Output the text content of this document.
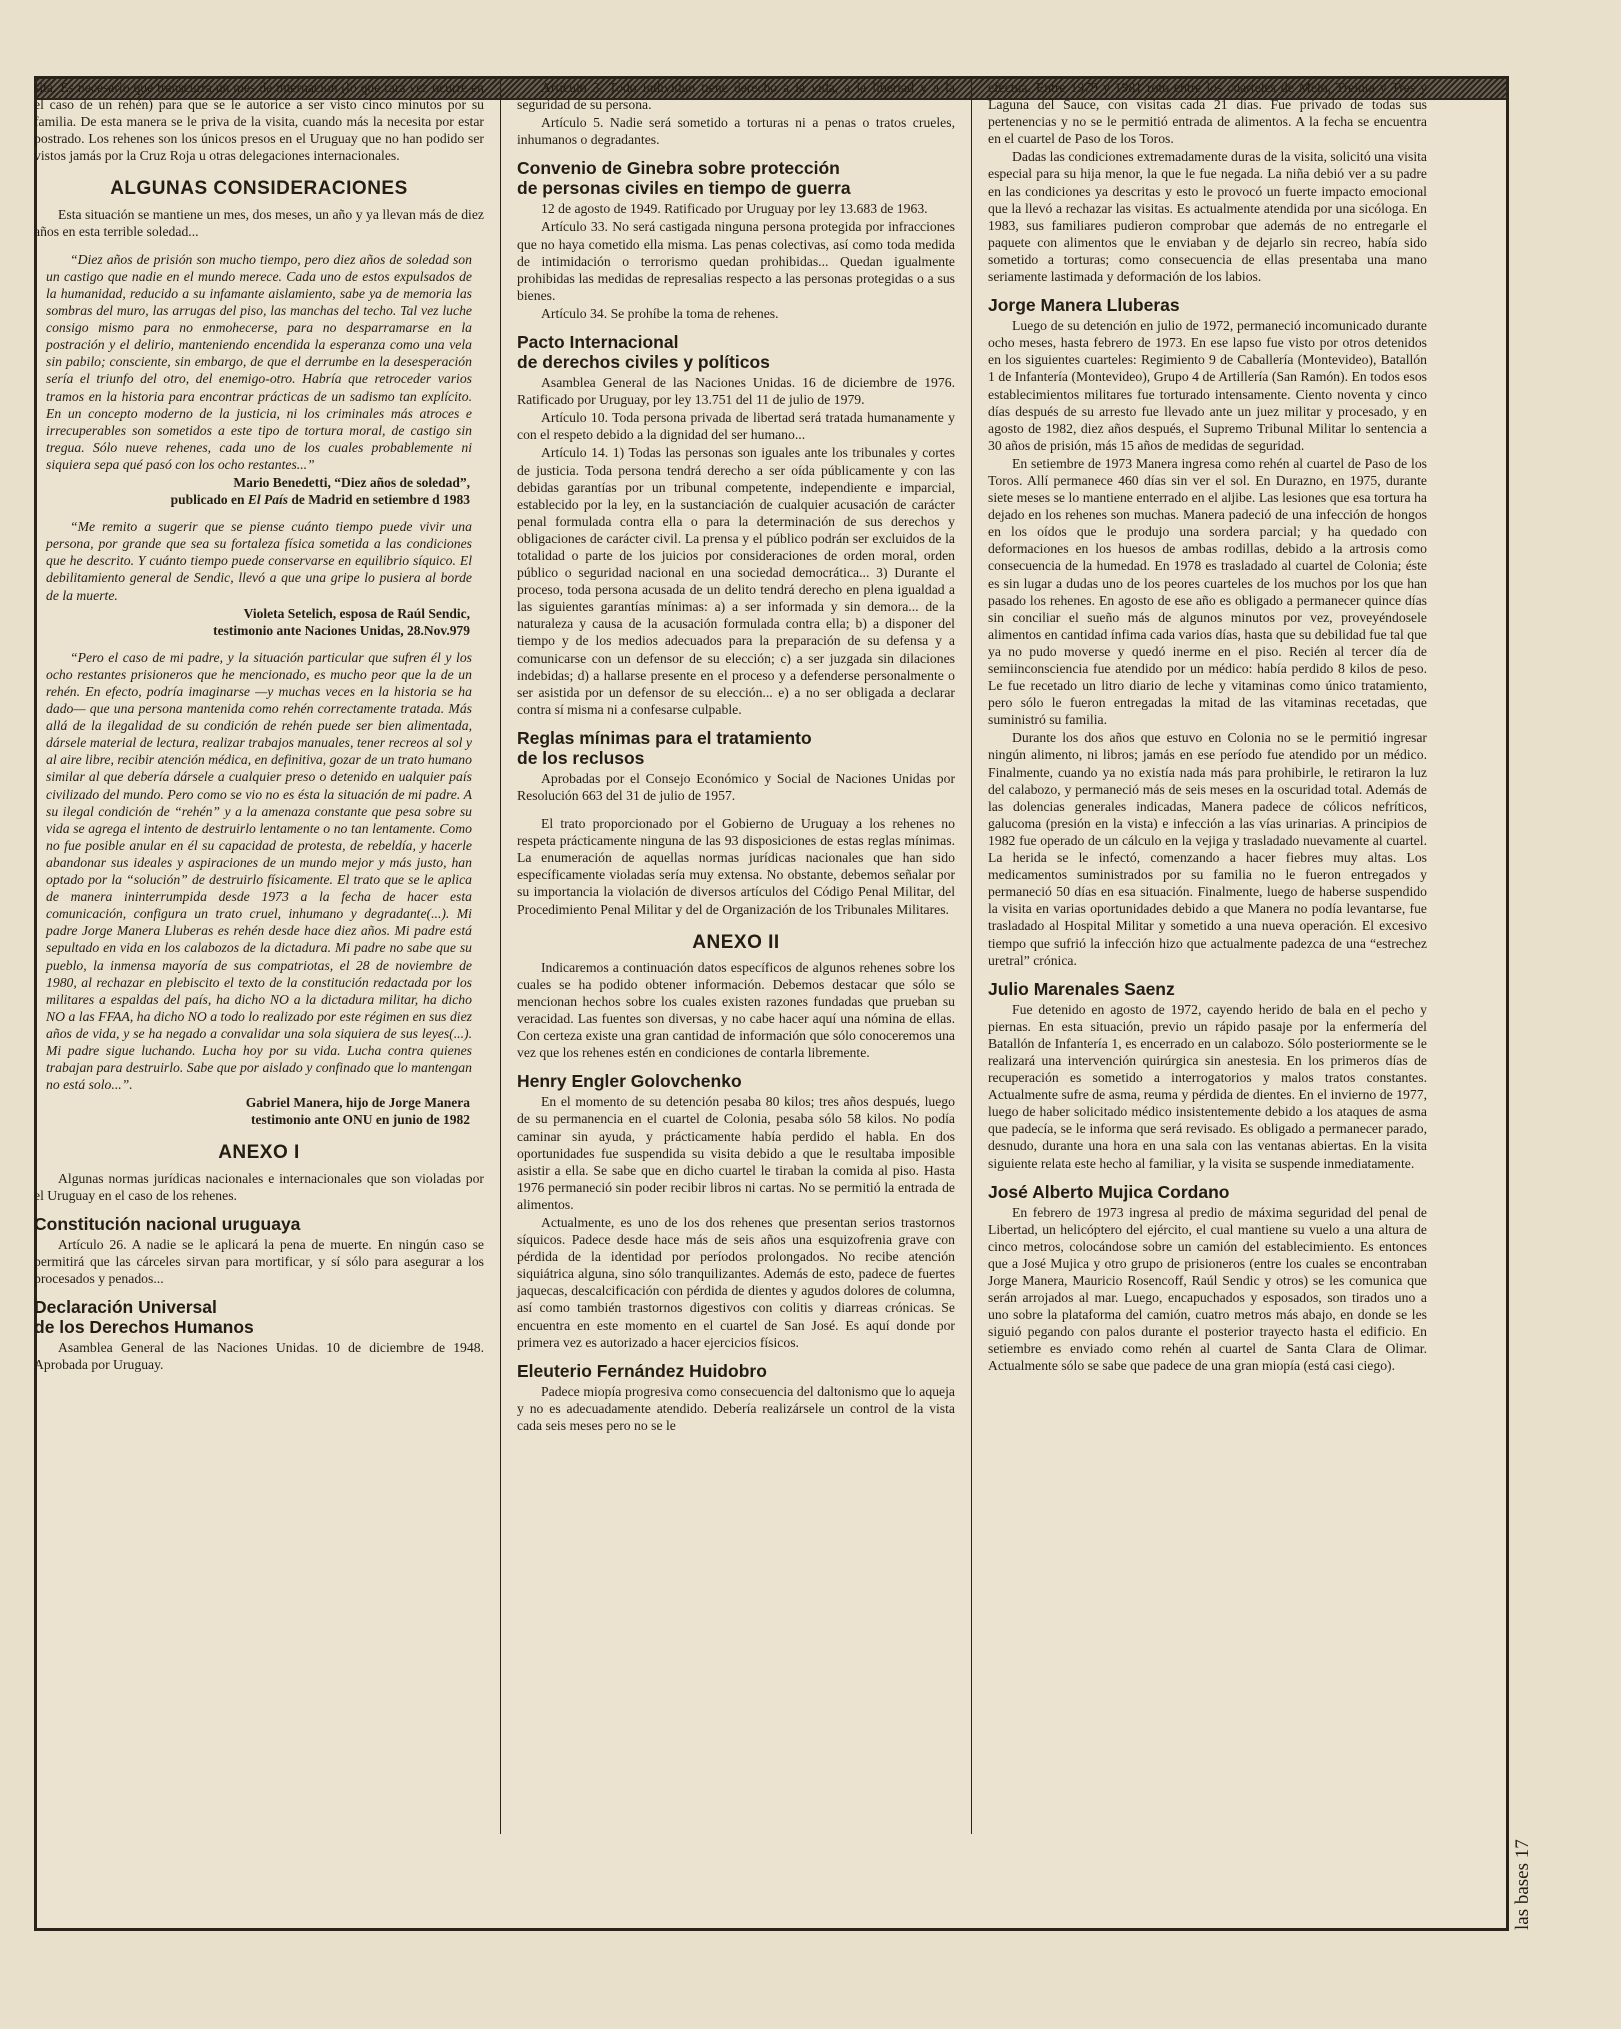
sita. Es necesario que transcurra un mes de internación (lo que rara vez ocurre en el caso de un rehén) para que se le autorice a ser visto cinco minutos por su familia. De esta manera se le priva de la visita, cuando más la necesita por estar postrado. Los rehenes son los únicos presos en el Uruguay que no han podido ser vistos jamás por la Cruz Roja u otras delegaciones internacionales.

ALGUNAS CONSIDERACIONES

Esta situación se mantiene un mes, dos meses, un año y ya llevan más de diez años en esta terrible soledad...

“Diez años de prisión son mucho tiempo, pero diez años de soledad son un castigo que nadie en el mundo merece. Cada uno de estos expulsados de la humanidad, reducido a su infamante aislamiento, sabe ya de memoria las sombras del muro, las arrugas del piso, las manchas del techo. Tal vez luche consigo mismo para no enmohecerse, para no desparramarse en la postración y el delirio, manteniendo encendida la esperanza como una vela sin pabilo; consciente, sin embargo, de que el derrumbe en la desesperación sería el triunfo del otro, del enemigo-otro. Habría que retroceder varios tramos en la historia para encontrar prácticas de un sadismo tan explícito. En un concepto moderno de la justicia, ni los criminales más atroces e irrecuperables son sometidos a este tipo de tortura moral, de castigo sin tregua. Sólo nueve rehenes, cada uno de los cuales probablemente ni siquiera sepa qué pasó con los ocho restantes...”

Mario Benedetti, “Diez años de soledad”,
publicado en El País de Madrid en setiembre d 1983

“Me remito a sugerir que se piense cuánto tiempo puede vivir una persona, por grande que sea su fortaleza física sometida a las condiciones que he descrito. Y cuánto tiempo puede conservarse en equilibrio síquico. El debilitamiento general de Sendic, llevó a que una gripe lo pusiera al borde de la muerte.

Violeta Setelich, esposa de Raúl Sendic,
testimonio ante Naciones Unidas, 28.Nov.979

“Pero el caso de mi padre, y la situación particular que sufren él y los ocho restantes prisioneros que he mencionado, es mucho peor que la de un rehén. En efecto, podría imaginarse —y muchas veces en la historia se ha dado— que una persona mantenida como rehén correctamente tratada. Más allá de la ilegalidad de su condición de rehén puede ser bien alimentada, dársele material de lectura, realizar trabajos manuales, tener recreos al sol y al aire libre, recibir atención médica, en definitiva, gozar de un trato humano similar al que debería dársele a cualquier preso o detenido en ualquier país civilizado del mundo. Pero como se vio no es ésta la situación de mi padre. A su ilegal condición de “rehén” y a la amenaza constante que pesa sobre su vida se agrega el intento de destruirlo lentamente o no tan lentamente. Como no fue posible anular en él su capacidad de protesta, de rebeldía, y hacerle abandonar sus ideales y aspiraciones de un mundo mejor y más justo, han optado por la “solución” de destruirlo físicamente. El trato que se le aplica de manera ininterrumpida desde 1973 a la fecha de hacer esta comunicación, configura un trato cruel, inhumano y degradante(...). Mi padre Jorge Manera Lluberas es rehén desde hace diez años. Mi padre está sepultado en vida en los calabozos de la dictadura. Mi padre no sabe que su pueblo, la inmensa mayoría de sus compatriotas, el 28 de noviembre de 1980, al rechazar en plebiscito el texto de la constitución redactada por los militares a espaldas del país, ha dicho NO a la dictadura militar, ha dicho NO a las FFAA, ha dicho NO a todo lo realizado por este régimen en sus diez años de vida, y se ha negado a convalidar una sola siquiera de sus leyes(...). Mi padre sigue luchando. Lucha hoy por su vida. Lucha contra quienes trabajan para destruirlo. Sabe que por aislado y confinado que lo mantengan no está solo...”.

Gabriel Manera, hijo de Jorge Manera
testimonio ante ONU en junio de 1982

ANEXO I

Algunas normas jurídicas nacionales e internacionales que son violadas por el Uruguay en el caso de los rehenes.

Constitución nacional uruguaya

Artículo 26. A nadie se le aplicará la pena de muerte. En ningún caso se permitirá que las cárceles sirvan para mortificar, y sí sólo para asegurar a los procesados y penados...

Declaración Universal
de los Derechos Humanos

Asamblea General de las Naciones Unidas. 10 de diciembre de 1948. Aprobada por Uruguay.

Artículo 3. Todo individuo tiene derecho a la vida, a la libertad y a la seguridad de su persona.

Artículo 5. Nadie será sometido a torturas ni a penas o tratos crueles, inhumanos o degradantes.

Convenio de Ginebra sobre protección
de personas civiles en tiempo de guerra

12 de agosto de 1949. Ratificado por Uruguay por ley 13.683 de 1963.

Artículo 33. No será castigada ninguna persona protegida por infracciones que no haya cometido ella misma. Las penas colectivas, así como toda medida de intimidación o terrorismo quedan prohibidas... Quedan igualmente prohibidas las medidas de represalias respecto a las personas protegidas o a sus bienes.

Artículo 34. Se prohíbe la toma de rehenes.

Pacto Internacional
de derechos civiles y políticos

Asamblea General de las Naciones Unidas. 16 de diciembre de 1976. Ratificado por Uruguay, por ley 13.751 del 11 de julio de 1979.

Artículo 10. Toda persona privada de libertad será tratada humanamente y con el respeto debido a la dignidad del ser humano...

Artículo 14. 1) Todas las personas son iguales ante los tribunales y cortes de justicia. Toda persona tendrá derecho a ser oída públicamente y con las debidas garantías por un tribunal competente, independiente e imparcial, establecido por la ley, en la sustanciación de cualquier acusación de carácter penal formulada contra ella o para la determinación de sus derechos y obligaciones de carácter civil. La prensa y el público podrán ser excluidos de la totalidad o parte de los juicios por consideraciones de orden moral, orden público o seguridad nacional en una sociedad democrática... 3) Durante el proceso, toda persona acusada de un delito tendrá derecho en plena igualdad a las siguientes garantías mínimas: a) a ser informada y sin demora... de la naturaleza y causa de la acusación formulada contra ella; b) a disponer del tiempo y de los medios adecuados para la preparación de su defensa y a comunicarse con un defensor de su elección; c) a ser juzgada sin dilaciones indebidas; d) a hallarse presente en el proceso y a defenderse personalmente o ser asistida por un defensor de su elección... e) a no ser obligada a declarar contra sí misma ni a confesarse culpable.

Reglas mínimas para el tratamiento
de los reclusos

Aprobadas por el Consejo Económico y Social de Naciones Unidas por Resolución 663 del 31 de julio de 1957.

El trato proporcionado por el Gobierno de Uruguay a los rehenes no respeta prácticamente ninguna de las 93 disposiciones de estas reglas mínimas. La enumeración de aquellas normas jurídicas nacionales que han sido específicamente violadas sería muy extensa. No obstante, debemos señalar por su importancia la violación de diversos artículos del Código Penal Militar, del Procedimiento Penal Militar y del de Organización de los Tribunales Militares.

ANEXO II

Indicaremos a continuación datos específicos de algunos rehenes sobre los cuales se ha podido obtener información. Debemos destacar que sólo se mencionan hechos sobre los cuales existen razones fundadas que prueban su veracidad. Las fuentes son diversas, y no cabe hacer aquí una nómina de ellas. Con certeza existe una gran cantidad de información que sólo conoceremos una vez que los rehenes estén en condiciones de contarla libremente.

Henry Engler Golovchenko

En el momento de su detención pesaba 80 kilos; tres años después, luego de su permanencia en el cuartel de Colonia, pesaba sólo 58 kilos. No podía caminar sin ayuda, y prácticamente había perdido el habla. En dos oportunidades fue suspendida su visita debido a que le resultaba imposible asistir a ella. Se sabe que en dicho cuartel le tiraban la comida al piso. Hasta 1976 permaneció sin poder recibir libros ni cartas. No se permitió la entrada de alimentos.

Actualmente, es uno de los dos rehenes que presentan serios trastornos síquicos. Padece desde hace más de seis años una esquizofrenia grave con pérdida de la identidad por períodos prolongados. No recibe atención siquiátrica alguna, sino sólo tranquilizantes. Además de esto, padece de fuertes jaquecas, descalcificación con pérdida de dientes y agudos dolores de columna, así como también trastornos digestivos con colitis y diarreas crónicas. Se encuentra en este momento en el cuartel de San José. Es aquí donde por primera vez es autorizado a hacer ejercicios físicos.

Eleuterio Fernández Huidobro

Padece miopía progresiva como consecuencia del daltonismo que lo aqueja y no es adecuadamente atendido. Debería realizársele un control de la vista cada seis meses pero no se le

efectúa. Entre 1979 y 1981 rotó entre los cuarteles de Melo, Treinta y Tres y Laguna del Sauce, con visitas cada 21 días. Fue privado de todas sus pertenencias y no se le permitió entrada de alimentos. A la fecha se encuentra en el cuartel de Paso de los Toros.

Dadas las condiciones extremadamente duras de la visita, solicitó una visita especial para su hija menor, la que le fue negada. La niña debió ver a su padre en las condiciones ya descritas y esto le provocó un fuerte impacto emocional que la llevó a rechazar las visitas. Es actualmente atendida por una sicóloga. En 1983, sus familiares pudieron comprobar que además de no entregarle el paquete con alimentos que le enviaban y de dejarlo sin recreo, había sido sometido a torturas; como consecuencia de ellas presentaba una mano seriamente lastimada y deformación de los labios.

Jorge Manera Lluberas

Luego de su detención en julio de 1972, permaneció incomunicado durante ocho meses, hasta febrero de 1973. En ese lapso fue visto por otros detenidos en los siguientes cuarteles: Regimiento 9 de Caballería (Montevideo), Batallón 1 de Infantería (Montevideo), Grupo 4 de Artillería (San Ramón). En todos esos establecimientos militares fue torturado intensamente. Ciento noventa y cinco días después de su arresto fue llevado ante un juez militar y procesado, y en agosto de 1982, diez años después, el Supremo Tribunal Militar lo sentencia a 30 años de prisión, más 15 años de medidas de seguridad.

En setiembre de 1973 Manera ingresa como rehén al cuartel de Paso de los Toros. Allí permanece 460 días sin ver el sol. En Durazno, en 1975, durante siete meses se lo mantiene enterrado en el aljibe. Las lesiones que esa tortura ha dejado en los rehenes son muchas. Manera padeció de una infección de hongos en los oídos que le produjo una sordera parcial; y ha quedado con deformaciones en los huesos de ambas rodillas, debido a la artrosis como consecuencia de la humedad. En 1978 es trasladado al cuartel de Colonia; éste es sin lugar a dudas uno de los peores cuarteles de los muchos por los que han pasado los rehenes. En agosto de ese año es obligado a permanecer quince días sin conciliar el sueño más de algunos minutos por vez, proveyéndosele alimentos en cantidad ínfima cada varios días, hasta que su debilidad fue tal que ya no pudo moverse y quedó inerme en el piso. Recién al tercer día de semiinconsciencia fue atendido por un médico: había perdido 8 kilos de peso. Le fue recetado un litro diario de leche y vitaminas como único tratamiento, pero sólo le fueron entregadas la mitad de las vitaminas recetadas, que suministró su familia.

Durante los dos años que estuvo en Colonia no se le permitió ingresar ningún alimento, ni libros; jamás en ese período fue atendido por un médico. Finalmente, cuando ya no existía nada más para prohibirle, le retiraron la luz del calabozo, y permaneció más de seis meses en la oscuridad total. Además de las dolencias generales indicadas, Manera padece de cólicos nefríticos, galucoma (presión en la vista) e infección a las vías urinarias. A principios de 1982 fue operado de un cálculo en la vejiga y trasladado nuevamente al cuartel. La herida se le infectó, comenzando a hacer fiebres muy altas. Los medicamentos suministrados por su familia no le fueron entregados y permaneció 50 días en esa situación. Finalmente, luego de haberse suspendido la visita en varias oportunidades debido a que Manera no podía levantarse, fue trasladado al Hospital Militar y sometido a una nueva operación. El excesivo tiempo que sufrió la infección hizo que actualmente padezca de una “estrechez uretral” crónica.

Julio Marenales Saenz

Fue detenido en agosto de 1972, cayendo herido de bala en el pecho y piernas. En esta situación, previo un rápido pasaje por la enfermería del Batallón de Infantería 1, es encerrado en un calabozo. Sólo posteriormente se le realizará una intervención quirúrgica sin anestesia. En los primeros días de recuperación es sometido a interrogatorios y malos tratos constantes. Actualmente sufre de asma, reuma y pérdida de dientes. En el invierno de 1977, luego de haber solicitado médico insistentemente debido a los ataques de asma que padecía, se le informa que será revisado. Es obligado a permanecer parado, desnudo, durante una hora en una sala con las ventanas abiertas. En la visita siguiente relata este hecho al familiar, y la visita se suspende inmediatamente.

José Alberto Mujica Cordano

En febrero de 1973 ingresa al predio de máxima seguridad del penal de Libertad, un helicóptero del ejército, el cual mantiene su vuelo a una altura de cinco metros, colocándose sobre un camión del establecimiento. Es entonces que a José Mujica y otro grupo de prisioneros (entre los cuales se encontraban Jorge Manera, Mauricio Rosencoff, Raúl Sendic y otros) se les comunica que serán arrojados al mar. Luego, encapuchados y esposados, son tirados uno a uno sobre la plataforma del camión, cuatro metros más abajo, en donde se les siguió pegando con palos durante el posterior trayecto hasta el edificio. En setiembre es enviado como rehén al cuartel de Santa Clara de Olimar. Actualmente sólo se sabe que padece de una gran miopía (está casi ciego).

las bases 17
